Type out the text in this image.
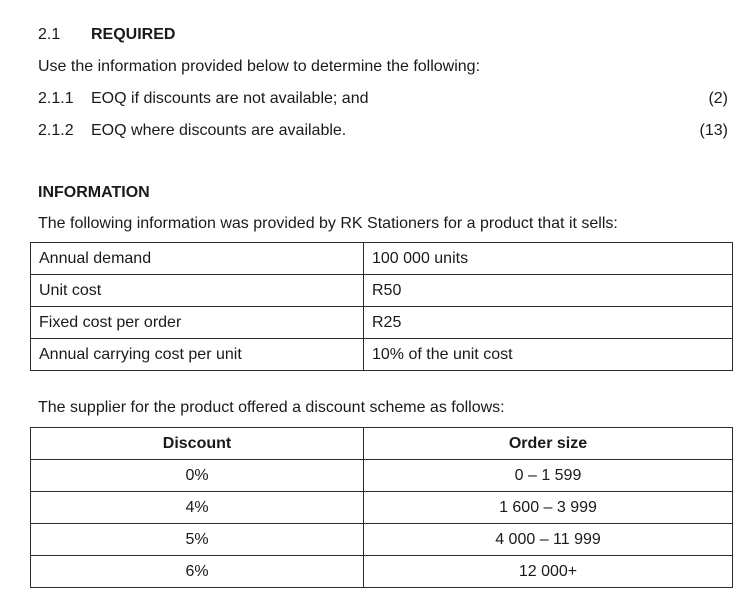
2.1 REQUIRED
Use the information provided below to determine the following:
2.1.1 EOQ if discounts are not available; and	(2)
2.1.2 EOQ where discounts are available.	(13)
INFORMATION
The following information was provided by RK Stationers for a product that it sells:
Annual demand	100 000 units
Unit cost	R50
Fixed cost per order	R25
Annual carrying cost per unit	10% of the unit cost
The supplier for the product offered a discount scheme as follows:
Discount	Order size
0%	0 – 1 599
4%	1 600 – 3 999
5%	4 000 – 11 999
6%	12 000+
